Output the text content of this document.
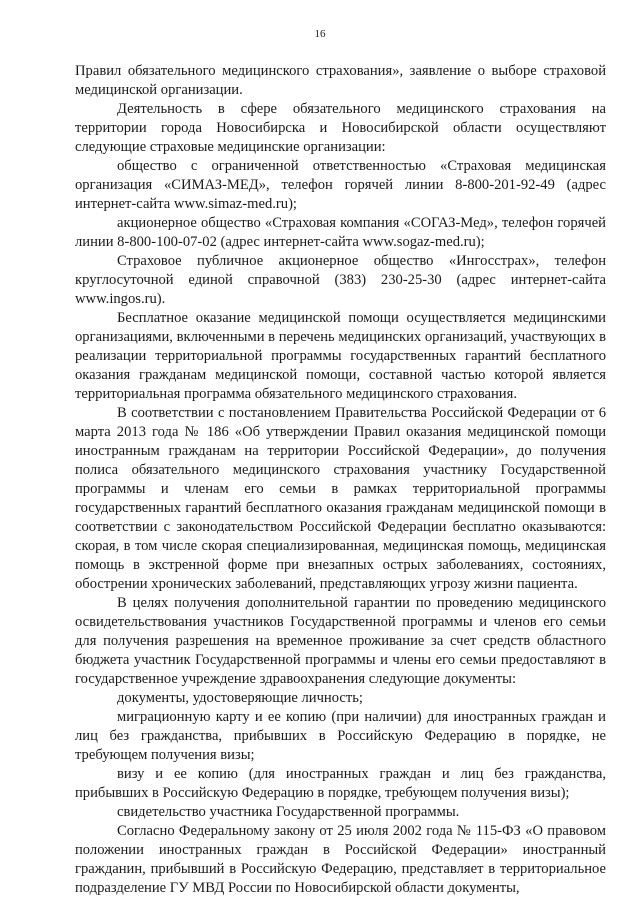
16

Правил обязательного медицинского страхования», заявление о выборе страховой медицинской организации.

Деятельность в сфере обязательного медицинского страхования на территории города Новосибирска и Новосибирской области осуществляют следующие страховые медицинские организации:

общество с ограниченной ответственностью «Страховая медицинская организация «СИМАЗ-МЕД», телефон горячей линии 8-800-201-92-49 (адрес интернет-сайта www.simaz-med.ru);

акционерное общество «Страховая компания «СОГАЗ-Мед», телефон горячей линии 8-800-100-07-02 (адрес интернет-сайта www.sogaz-med.ru);

Страховое публичное акционерное общество «Ингосстрах», телефон круглосуточной единой справочной (383) 230-25-30 (адрес интернет-сайта www.ingos.ru).

Бесплатное оказание медицинской помощи осуществляется медицинскими организациями, включенными в перечень медицинских организаций, участвующих в реализации территориальной программы государственных гарантий бесплатного оказания гражданам медицинской помощи, составной частью которой является территориальная программа обязательного медицинского страхования.

В соответствии с постановлением Правительства Российской Федерации от 6 марта 2013 года № 186 «Об утверждении Правил оказания медицинской помощи иностранным гражданам на территории Российской Федерации», до получения полиса обязательного медицинского страхования участнику Государственной программы и членам его семьи в рамках территориальной программы государственных гарантий бесплатного оказания гражданам медицинской помощи в соответствии с законодательством Российской Федерации бесплатно оказываются: скорая, в том числе скорая специализированная, медицинская помощь, медицинская помощь в экстренной форме при внезапных острых заболеваниях, состояниях, обострении хронических заболеваний, представляющих угрозу жизни пациента.

В целях получения дополнительной гарантии по проведению медицинского освидетельствования участников Государственной программы и членов его семьи для получения разрешения на временное проживание за счет средств областного бюджета участник Государственной программы и члены его семьи предоставляют в государственное учреждение здравоохранения следующие документы:

документы, удостоверяющие личность;

миграционную карту и ее копию (при наличии) для иностранных граждан и лиц без гражданства, прибывших в Российскую Федерацию в порядке, не требующем получения визы;

визу и ее копию (для иностранных граждан и лиц без гражданства, прибывших в Российскую Федерацию в порядке, требующем получения визы);

свидетельство участника Государственной программы.

Согласно Федеральному закону от 25 июля 2002 года № 115-ФЗ «О правовом положении иностранных граждан в Российской Федерации» иностранный гражданин, прибывший в Российскую Федерацию, представляет в территориальное подразделение ГУ МВД России по Новосибирской области документы,
